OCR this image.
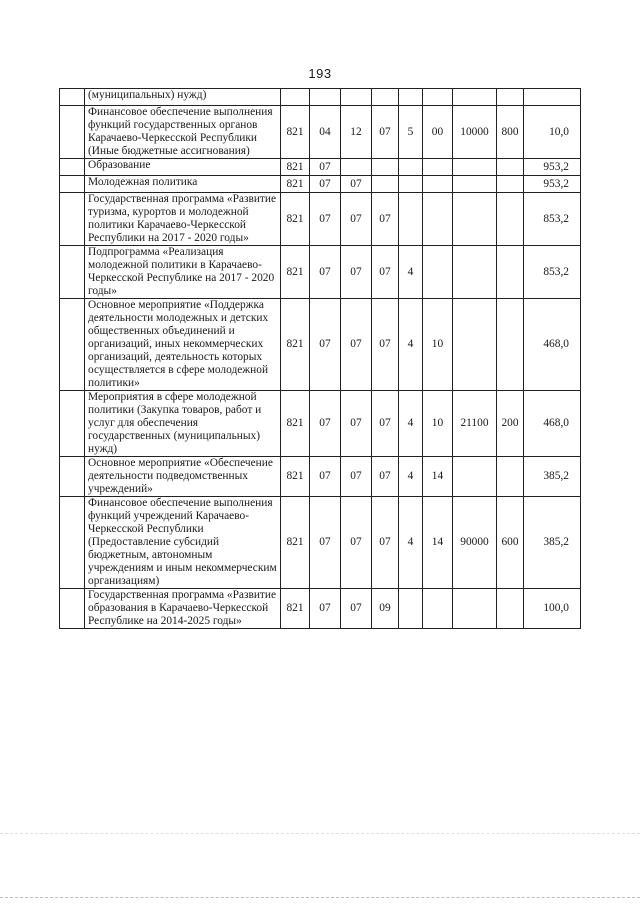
193
	(муниципальных) нужд)									
	Финансовое обеспечение выполнения функций государственных органов Карачаево-Черкесской Республики (Иные бюджетные ассигнования)	821	04	12	07	5	00	10000	800	10,0
	Образование	821	07							953,2
	Молодежная политика	821	07	07						953,2
	Государственная программа «Развитие туризма, курортов и молодежной политики Карачаево-Черкесской Республики на 2017 - 2020 годы»	821	07	07	07					853,2
	Подпрограмма «Реализация молодежной политики в Карачаево-Черкесской Республике на 2017 - 2020 годы»	821	07	07	07	4				853,2
	Основное мероприятие «Поддержка деятельности молодежных и детских общественных объединений и организаций, иных некоммерческих организаций, деятельность которых осуществляется в сфере молодежной политики»	821	07	07	07	4	10			468,0
	Мероприятия в сфере молодежной политики (Закупка товаров, работ и услуг для обеспечения государственных (муниципальных) нужд)	821	07	07	07	4	10	21100	200	468,0
	Основное мероприятие «Обеспечение деятельности подведомственных учреждений»	821	07	07	07	4	14			385,2
	Финансовое обеспечение выполнения функций учреждений Карачаево-Черкесской Республики (Предоставление субсидий бюджетным, автономным учреждениям и иным некоммерческим организациям)	821	07	07	07	4	14	90000	600	385,2
	Государственная программа «Развитие образования в Карачаево-Черкесской Республике на 2014-2025 годы»	821	07	07	09					100,0
